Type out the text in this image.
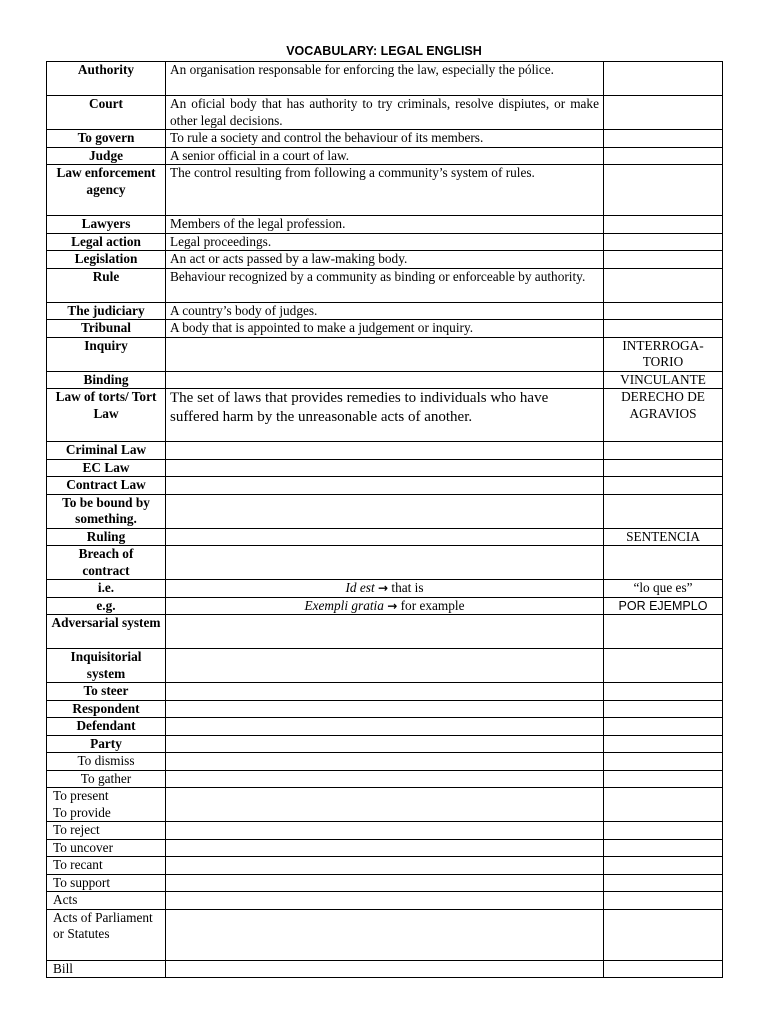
VOCABULARY: LEGAL ENGLISH
Authority	An organisation responsable for enforcing the law, especially the pólice.	
Court	An oficial body that has authority to try criminals, resolve dispiutes, or make other legal decisions.	
To govern	To rule a society and control the behaviour of its members.	
Judge	A senior official in a court of law.	
Law enforcement agency	The control resulting from following a community’s system of rules.	
Lawyers	Members of the legal profession.	
Legal action	Legal proceedings.	
Legislation	An act or acts passed by a law-making body.	
Rule	Behaviour recognized by a community as binding or enforceable by authority.	
The judiciary	A country’s body of judges.	
Tribunal	A body that is appointed to make a judgement or inquiry.	
Inquiry		INTERROGA-TORIO
Binding		VINCULANTE
Law of torts/ Tort Law	The set of laws that provides remedies to individuals who have suffered harm by the unreasonable acts of another.	DERECHO DE AGRAVIOS
Criminal Law		
EC Law		
Contract Law		
To be bound by something.		
Ruling		SENTENCIA
Breach of contract		
i.e.	Id est → that is	“lo que es”
e.g.	Exempli gratia → for example	POR EJEMPLO
Adversarial system		
Inquisitorial system		
To steer		
Respondent		
Defendant		
Party		
To dismiss		
To gather		

To present
To provide		

To reject		
To uncover		
To recant		
To support		
Acts		
Acts of Parliament or Statutes		
Bill		
